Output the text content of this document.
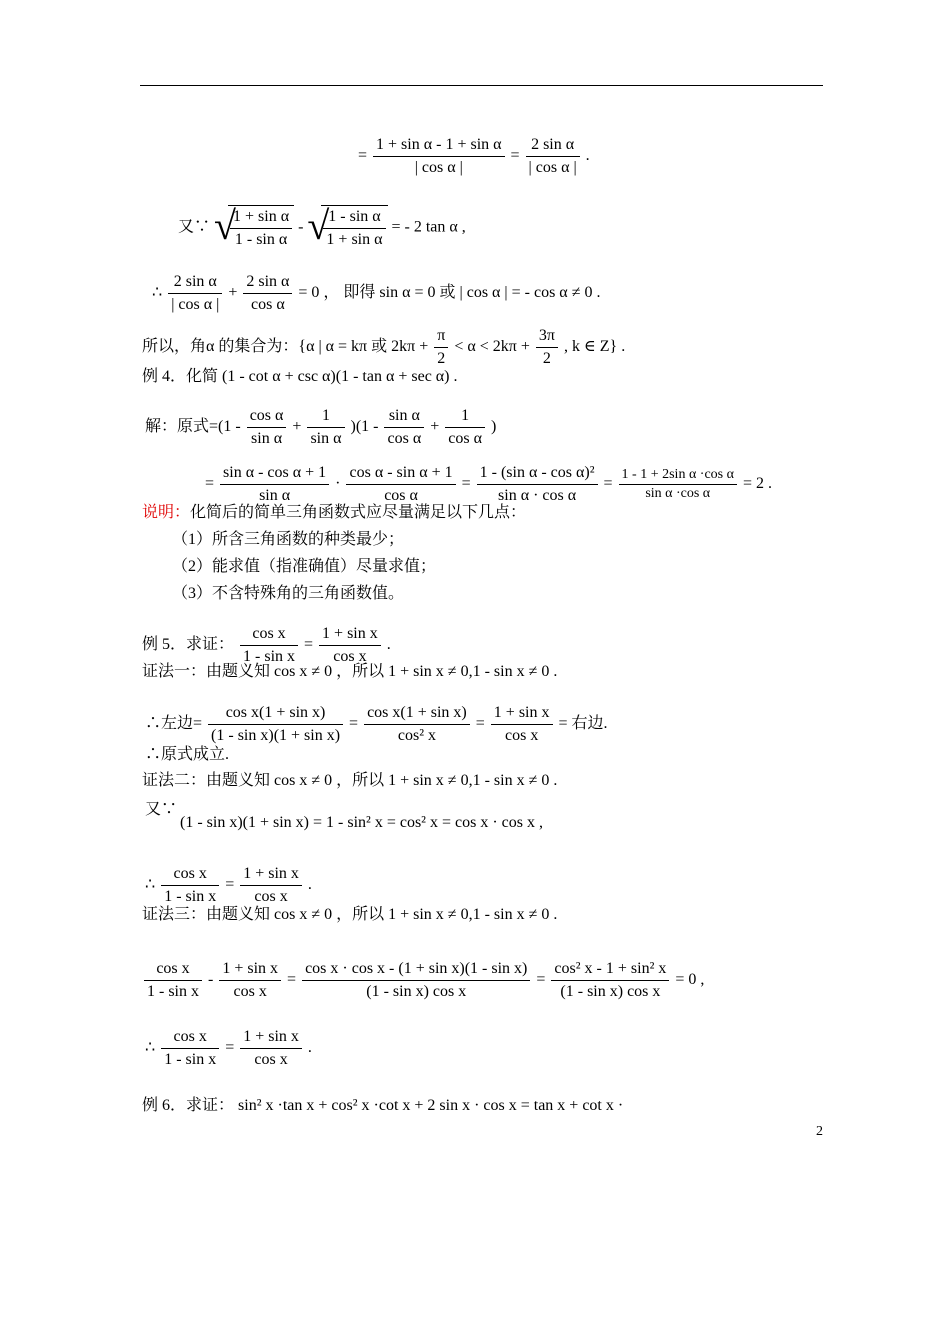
= $\frac{\text{1 + sin α - 1 + sin α}}{\text{| cos α |}} = \frac{\text{2 sin α}}{\text{| cos α |}}$ .
又∵ √
$\frac{\text{1 + sin α}}{\text{1 - sin α}}$ - √
$\frac{\text{1 - sin α}}{\text{1 + sin α}}$ = - 2 tan α ,
∴ $\frac{\text{2 sin α}}{\text{| cos α |}} + \frac{\text{2 sin α}}{\text{cos α}} = 0$ ， 即得 sin α = 0 或 | cos α | = - cos α ≠ 0 .
所以，角α 的集合为：{α | α = kπ 或 $2k\pi + \frac{\pi}{2} < \alpha < 2k\pi + \frac{3\pi}{2}$ , k ∈ Z} .
例 4．化简 (1 - cot α + csc α)(1 - tan α + sec α) .
解：原式$=(1 - \frac{\text{cos α}}{\text{sin α}} + \frac{1}{\text{sin α}} )(1 - \frac{\text{sin α}}{\text{cos α}} + \frac{1}{\text{cos α}}$ )
= $\frac{\text{sin α - cos α + 1}}{\text{sin α}} \cdot \frac{\text{cos α - sin α + 1}}{\text{cos α}} = \frac{\text{1 - (sin α - cos α)²}}{\text{sin α · cos α}} = \frac{\text{1 - 1 + 2sin α ·cos α}}{\text{sin α ·cos α}} = 2$ .
说明：化简后的简单三角函数式应尽量满足以下几点：
（1）所含三角函数的种类最少；
（2）能求值（指准确值）尽量求值；
（3）不含特殊角的三角函数值。
例 5．求证： $\frac{\text{cos x}}{\text{1 - sin x}} = \frac{\text{1 + sin x}}{\text{cos x}}$ .
证法一：由题义知 cos x ≠ 0 ，所以 1 + sin x ≠ 0,1 - sin x ≠ 0 .
∴左边= $\frac{\text{cos x(1 + sin x)}}{\text{(1 - sin x)(1 + sin x)}} = \frac{\text{cos x(1 + sin x)}}{\text{cos² x}} = \frac{\text{1 + sin x}}{\text{cos x}}$ = 右边.
∴原式成立.
证法二：由题义知 cos x ≠ 0 ，所以 1 + sin x ≠ 0,1 - sin x ≠ 0 .
又∵
(1 - sin x)(1 + sin x) = 1 - sin² x = cos² x = cos x · cos x ,
∴ $\frac{\text{cos x}}{\text{1 - sin x}} = \frac{\text{1 + sin x}}{\text{cos x}}$ .
证法三：由题义知 cos x ≠ 0 ，所以 1 + sin x ≠ 0,1 - sin x ≠ 0 .
$\frac{\text{cos x}}{\text{1 - sin x}} - \frac{\text{1 + sin x}}{\text{cos x}} = \frac{\text{cos x · cos x - (1 + sin x)(1 - sin x)}}{\text{(1 - sin x) cos x}} = \frac{\text{cos² x - 1 + sin² x}}{\text{(1 - sin x) cos x}} = 0$ ,
∴ $\frac{\text{cos x}}{\text{1 - sin x}} = \frac{\text{1 + sin x}}{\text{cos x}}$ .
例 6．求证： sin² x ·tan x + cos² x ·cot x + 2 sin x · cos x = tan x + cot x ·
2
